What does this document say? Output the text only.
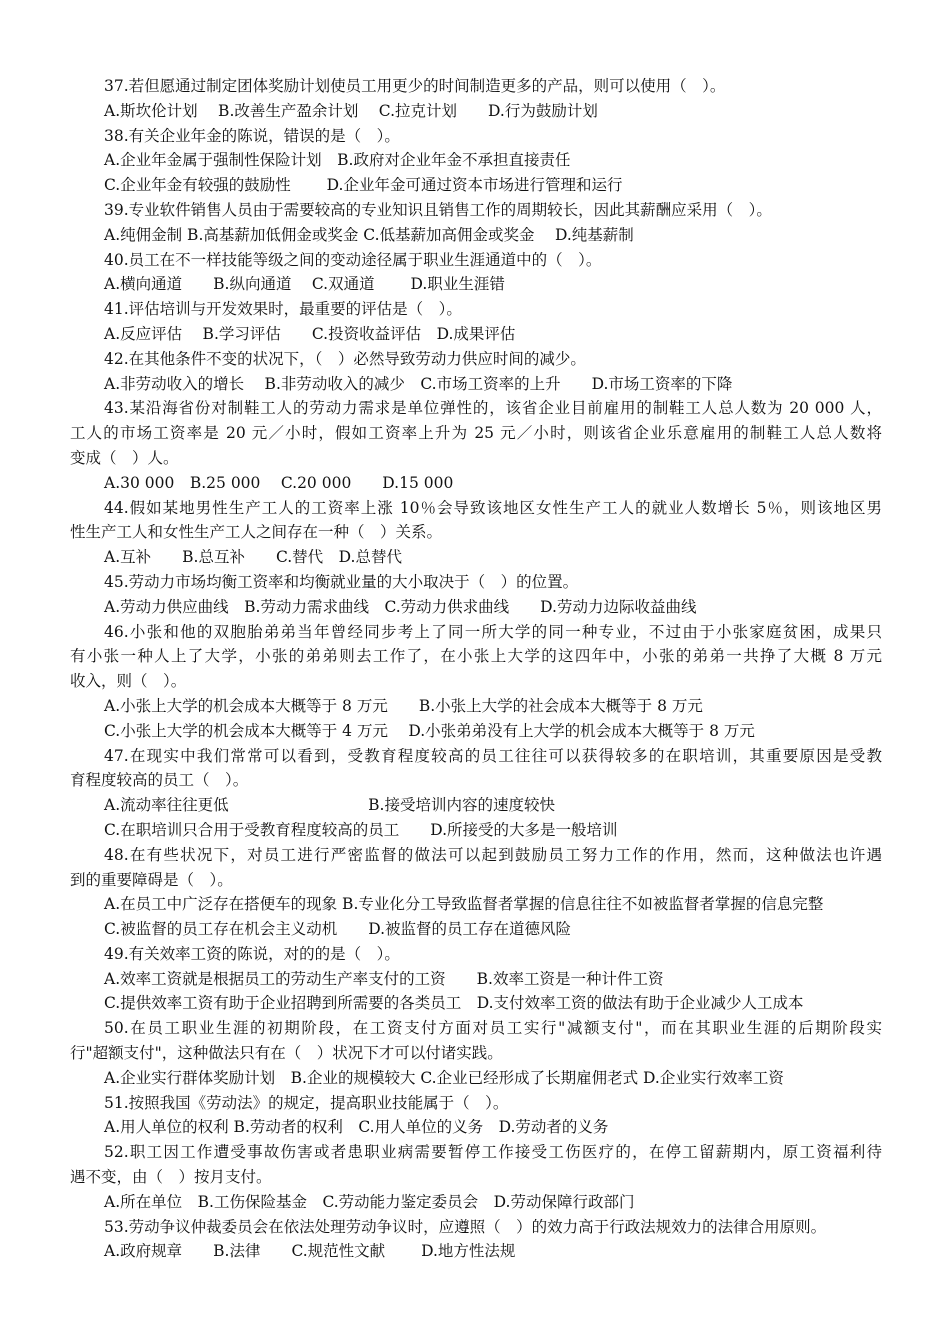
37.若但愿通过制定团体奖励计划使员工用更少的时间制造更多的产品，则可以使用（　）。
A.斯坎伦计划　 B.改善生产盈余计划　 C.拉克计划　　D.行为鼓励计划
38.有关企业年金的陈说，错误的是（　）。
A.企业年金属于强制性保险计划　B.政府对企业年金不承担直接责任
C.企业年金有较强的鼓励性　　 D.企业年金可通过资本市场进行管理和运行
39.专业软件销售人员由于需要较高的专业知识且销售工作的周期较长，因此其薪酬应采用（　）。
A.纯佣金制 B.高基薪加低佣金或奖金 C.低基薪加高佣金或奖金　 D.纯基薪制
40.员工在不一样技能等级之间的变动途径属于职业生涯通道中的（　）。
A.横向通道　　B.纵向通道　 C.双通道　　 D.职业生涯错
41.评估培训与开发效果时，最重要的评估是（　）。
A.反应评估　 B.学习评估　　C.投资收益评估　D.成果评估
42.在其他条件不变的状况下，（　）必然导致劳动力供应时间的减少。
A.非劳动收入的增长　 B.非劳动收入的减少　C.市场工资率的上升　　D.市场工资率的下降
43.某沿海省份对制鞋工人的劳动力需求是单位弹性的，该省企业目前雇用的制鞋工人总人数为 20 000 人，
工人的市场工资率是 20 元／小时，假如工资率上升为 25 元／小时，则该省企业乐意雇用的制鞋工人总人数将
变成（　）人。
A.30 000　B.25 000　 C.20 000　　D.15 000
44.假如某地男性生产工人的工资率上涨 10％会导致该地区女性生产工人的就业人数增长 5％，则该地区男
性生产工人和女性生产工人之间存在一种（　）关系。
A.互补　　B.总互补　　C.替代　D.总替代
45.劳动力市场均衡工资率和均衡就业量的大小取决于（　）的位置。
A.劳动力供应曲线　B.劳动力需求曲线　C.劳动力供求曲线　　D.劳动力边际收益曲线
46.小张和他的双胞胎弟弟当年曾经同步考上了同一所大学的同一种专业，不过由于小张家庭贫困，成果只
有小张一种人上了大学，小张的弟弟则去工作了，在小张上大学的这四年中，小张的弟弟一共挣了大概 8 万元
收入，则（　）。
A.小张上大学的机会成本大概等于 8 万元　　B.小张上大学的社会成本大概等于 8 万元
C.小张上大学的机会成本大概等于 4 万元　 D.小张弟弟没有上大学的机会成本大概等于 8 万元
47.在现实中我们常常可以看到，受教育程度较高的员工往往可以获得较多的在职培训，其重要原因是受教
育程度较高的员工（　）。
A.流动率往往更低　　　　　　　　　B.接受培训内容的速度较快
C.在职培训只合用于受教育程度较高的员工　　D.所接受的大多是一般培训
48.在有些状况下，对员工进行严密监督的做法可以起到鼓励员工努力工作的作用，然而，这种做法也许遇
到的重要障碍是（　）。
A.在员工中广泛存在搭便车的现象 B.专业化分工导致监督者掌握的信息往往不如被监督者掌握的信息完整
C.被监督的员工存在机会主义动机　　D.被监督的员工存在道德风险
49.有关效率工资的陈说，对的的是（　）。
A.效率工资就是根据员工的劳动生产率支付的工资　　B.效率工资是一种计件工资
C.提供效率工资有助于企业招聘到所需要的各类员工　D.支付效率工资的做法有助于企业减少人工成本
50.在员工职业生涯的初期阶段，在工资支付方面对员工实行"减额支付"，而在其职业生涯的后期阶段实
行"超额支付"，这种做法只有在（　）状况下才可以付诸实践。
A.企业实行群体奖励计划　B.企业的规模较大 C.企业已经形成了长期雇佣老式 D.企业实行效率工资
51.按照我国《劳动法》的规定，提高职业技能属于（　）。
A.用人单位的权利 B.劳动者的权利　C.用人单位的义务　D.劳动者的义务
52.职工因工作遭受事故伤害或者患职业病需要暂停工作接受工伤医疗的，在停工留薪期内，原工资福利待
遇不变，由（　）按月支付。
A.所在单位　B.工伤保险基金　C.劳动能力鉴定委员会　D.劳动保障行政部门
53.劳动争议仲裁委员会在依法处理劳动争议时，应遵照（　）的效力高于行政法规效力的法律合用原则。
A.政府规章　　B.法律　　C.规范性文献　　 D.地方性法规
